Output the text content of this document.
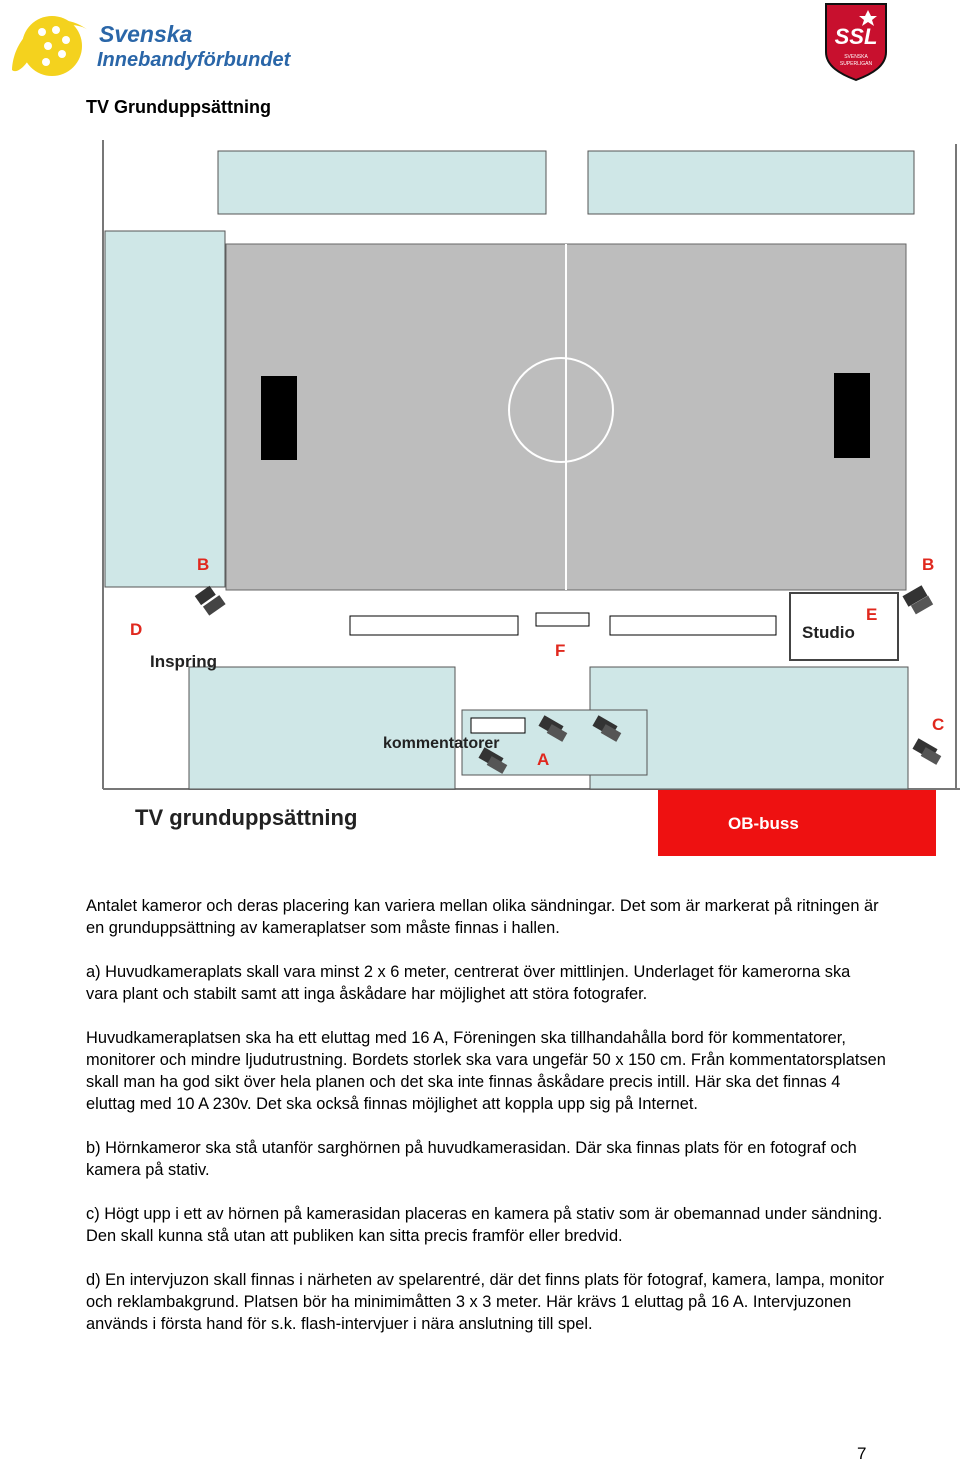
Svenska
Innebandyförbundet
SSL
SVENSKA
SUPERLIGAN
TV Grunduppsättning
B	B
D
Inspring
F
Studio
E
C
kommentatorer
A
TV grunduppsättning	OB-buss

Antalet kameror och deras placering kan variera mellan olika sändningar. Det som är markerat på ritningen är en grunduppsättning av kameraplatser som måste finnas i hallen.

a) Huvudkameraplats skall vara minst 2 x 6 meter, centrerat över mittlinjen. Underlaget för kamerorna ska vara plant och stabilt samt att inga åskådare har möjlighet att störa fotografer.

Huvudkameraplatsen ska ha ett eluttag med 16 A, Föreningen ska tillhandahålla bord för kommentatorer, monitorer och mindre ljudutrustning. Bordets storlek ska vara ungefär 50 x 150 cm. Från kommentatorsplatsen skall man ha god sikt över hela planen och det ska inte finnas åskådare precis intill. Här ska det finnas 4 eluttag med 10 A 230v. Det ska också finnas möjlighet att koppla upp sig på Internet.

b) Hörnkameror ska stå utanför sarghörnen på huvudkamerasidan. Där ska finnas plats för en fotograf och kamera på stativ.

c) Högt upp i ett av hörnen på kamerasidan placeras en kamera på stativ som är obemannad under sändning. Den skall kunna stå utan att publiken kan sitta precis framför eller bredvid.

d) En intervjuzon skall finnas i närheten av spelarentré, där det finns plats för fotograf, kamera, lampa, monitor och reklambakgrund. Platsen bör ha minimimåtten 3 x 3 meter. Här krävs 1 eluttag på 16 A. Intervjuzonen används i första hand för s.k. flash-intervjuer i nära anslutning till spel.

7
